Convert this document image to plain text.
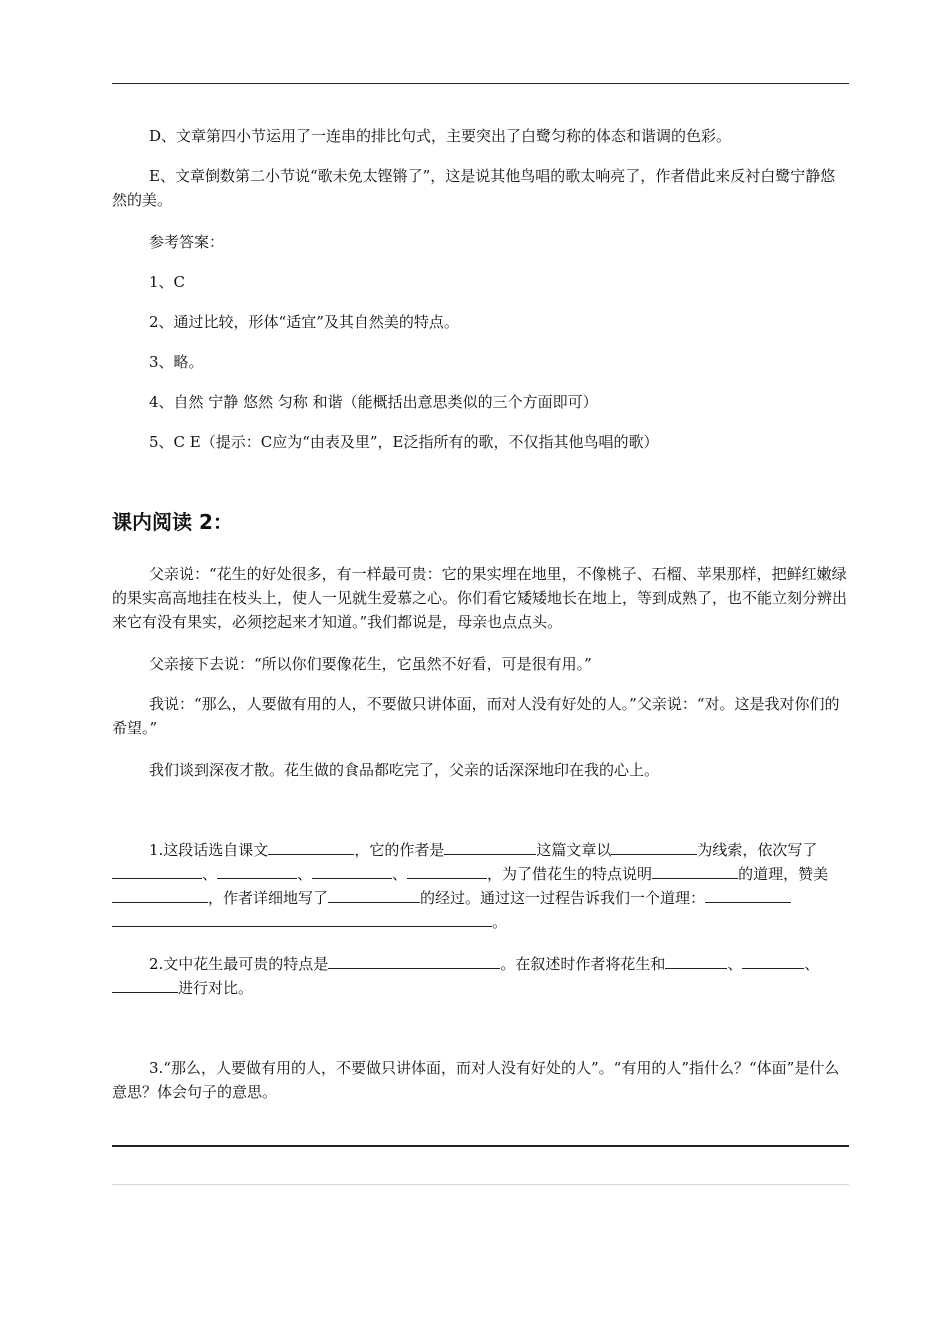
D、文章第四小节运用了一连串的排比句式，主要突出了白鹭匀称的体态和谐调的色彩。

E、文章倒数第二小节说“歌未免太铿锵了”，这是说其他鸟唱的歌太响亮了，作者借此来反衬白鹭宁静悠然的美。

参考答案：

1、C

2、通过比较，形体“适宜”及其自然美的特点。

3、略。

4、自然 宁静 悠然 匀称 和谐（能概括出意思类似的三个方面即可）

5、C E（提示：C应为“由表及里”，E泛指所有的歌，不仅指其他鸟唱的歌）

课内阅读 2：

父亲说：“花生的好处很多，有一样最可贵：它的果实埋在地里，不像桃子、石榴、苹果那样，把鲜红嫩绿的果实高高地挂在枝头上，使人一见就生爱慕之心。你们看它矮矮地长在地上，等到成熟了，也不能立刻分辨出来它有没有果实，必须挖起来才知道。”我们都说是，母亲也点点头。

父亲接下去说：“所以你们要像花生，它虽然不好看，可是很有用。”

我说：“那么，人要做有用的人，不要做只讲体面，而对人没有好处的人。”父亲说：“对。这是我对你们的希望。”

我们谈到深夜才散。花生做的食品都吃完了，父亲的话深深地印在我的心上。

1.这段话选自课文	，它的作者是	这篇文章以	为线索，依次写了、	、	、	，为了借花生的特点说明	的道理，赞美，作者详细地写了	的经过。通过这一过程告诉我们一个道理：。

2.文中花生最可贵的特点是	。在叙述时作者将花生和	、	、进行对比。

3.“那么，人要做有用的人，不要做只讲体面，而对人没有好处的人”。“有用的人”指什么？“体面”是什么意思？体会句子的意思。
